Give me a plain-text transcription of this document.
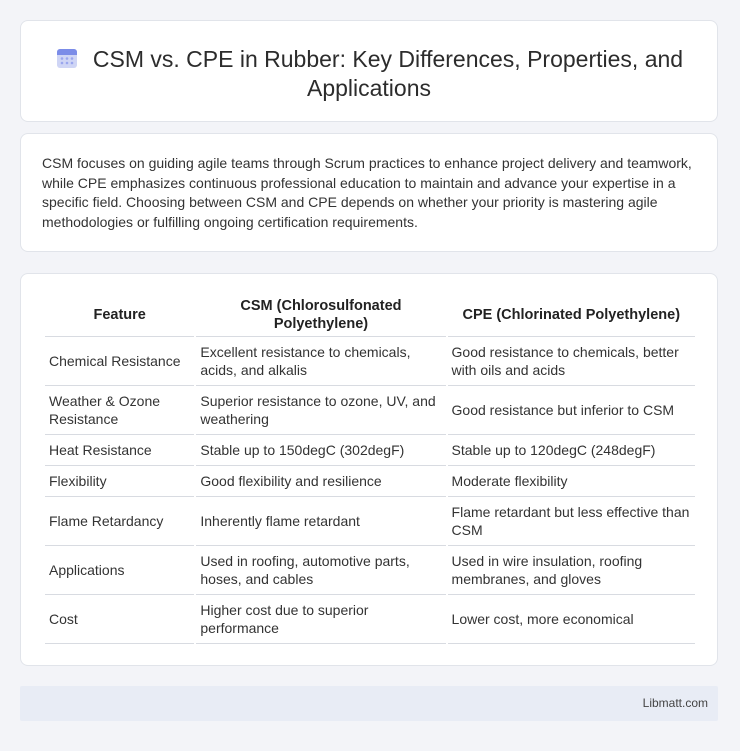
CSM vs. CPE in Rubber: Key Differences, Properties, and Applications

CSM focuses on guiding agile teams through Scrum practices to enhance project delivery and teamwork, while CPE emphasizes continuous professional education to maintain and advance your expertise in a specific field. Choosing between CSM and CPE depends on whether your priority is mastering agile methodologies or fulfilling ongoing certification requirements.

Feature	CSM (Chlorosulfonated Polyethylene)	CPE (Chlorinated Polyethylene)
Chemical Resistance	Excellent resistance to chemicals, acids, and alkalis	Good resistance to chemicals, better with oils and acids
Weather & Ozone Resistance	Superior resistance to ozone, UV, and weathering	Good resistance but inferior to CSM
Heat Resistance	Stable up to 150degC (302degF)	Stable up to 120degC (248degF)
Flexibility	Good flexibility and resilience	Moderate flexibility
Flame Retardancy	Inherently flame retardant	Flame retardant but less effective than CSM
Applications	Used in roofing, automotive parts, hoses, and cables	Used in wire insulation, roofing membranes, and gloves
Cost	Higher cost due to superior performance	Lower cost, more economical
Libmatt.com
